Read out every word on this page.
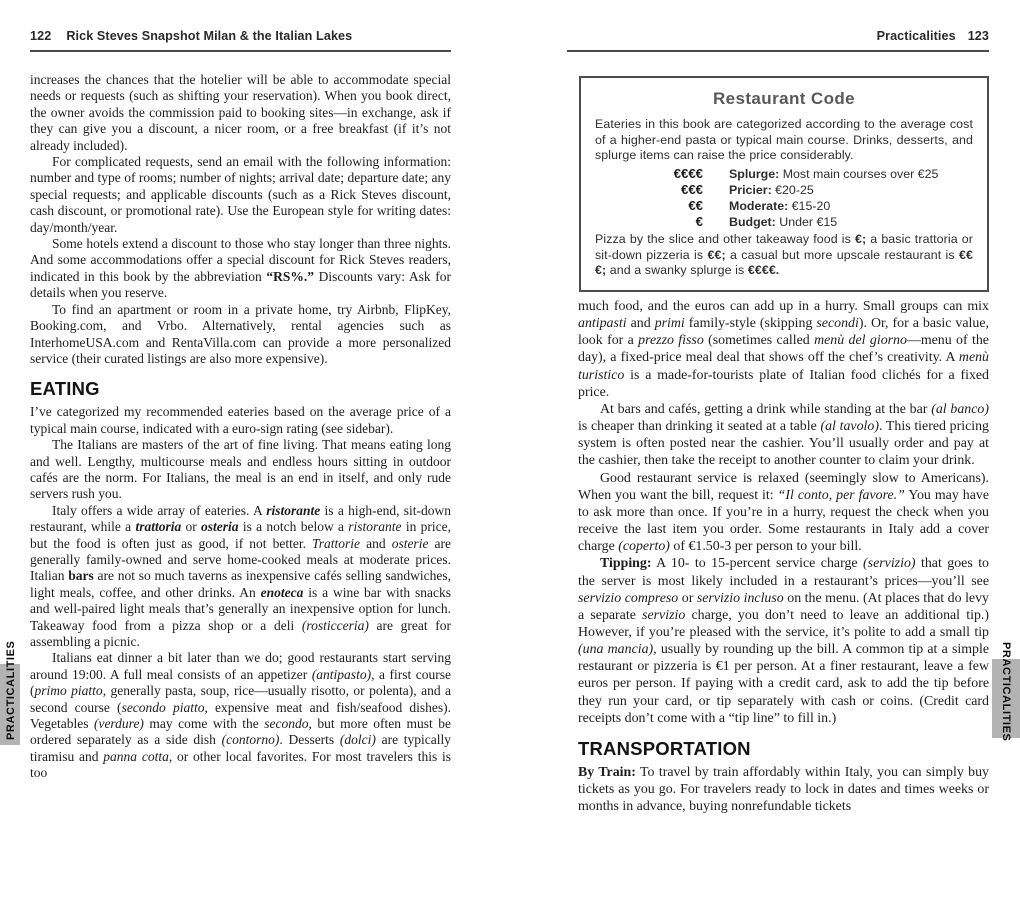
122 Rick Steves Snapshot Milan & the Italian Lakes	Practicalities 123

increases the chances that the hotelier will be able to accommodate special needs or requests (such as shifting your reservation). When you book direct, the owner avoids the commission paid to booking sites—in exchange, ask if they can give you a discount, a nicer room, or a free breakfast (if it’s not already included).

For complicated requests, send an email with the following information: number and type of rooms; number of nights; arrival date; departure date; any special requests; and applicable discounts (such as a Rick Steves discount, cash discount, or promotional rate). Use the European style for writing dates: day/month/year.

Some hotels extend a discount to those who stay longer than three nights. And some accommodations offer a special discount for Rick Steves readers, indicated in this book by the abbreviation “RS%.” Discounts vary: Ask for details when you reserve.

To find an apartment or room in a private home, try Airbnb, FlipKey, Booking.com, and Vrbo. Alternatively, rental agencies such as InterhomeUSA.com and RentaVilla.com can provide a more personalized service (their curated listings are also more expensive).

EATING

I’ve categorized my recommended eateries based on the average price of a typical main course, indicated with a euro-sign rating (see sidebar).

The Italians are masters of the art of fine living. That means eating long and well. Lengthy, multicourse meals and endless hours sitting in outdoor cafés are the norm. For Italians, the meal is an end in itself, and only rude servers rush you.

Italy offers a wide array of eateries. A ristorante is a high-end, sit-down restaurant, while a trattoria or osteria is a notch below a ristorante in price, but the food is often just as good, if not better. Trattorie and osterie are generally family-owned and serve home-cooked meals at moderate prices. Italian bars are not so much taverns as inexpensive cafés selling sandwiches, light meals, coffee, and other drinks. An enoteca is a wine bar with snacks and well-paired light meals that’s generally an inexpensive option for lunch. Takeaway food from a pizza shop or a deli (rosticceria) are great for assembling a picnic.

Italians eat dinner a bit later than we do; good restaurants start serving around 19:00. A full meal consists of an appetizer (antipasto), a first course (primo piatto, generally pasta, soup, rice—usually risotto, or polenta), and a second course (secondo piatto, expensive meat and fish/seafood dishes). Vegetables (verdure) may come with the secondo, but more often must be ordered separately as a side dish (contorno). Desserts (dolci) are typically tiramisu and panna cotta, or other local favorites. For most travelers this is too

Restaurant Code
Eateries in this book are categorized according to the average cost of a higher-end pasta or typical main course. Drinks, desserts, and splurge items can raise the price considerably.
€€€€ Splurge: Most main courses over €25
€€€ Pricier: €20-25
€€ Moderate: €15-20
€ Budget: Under €15
Pizza by the slice and other takeaway food is €; a basic trattoria or sit-down pizzeria is €€; a casual but more upscale restaurant is €€€; and a swanky splurge is €€€€.

much food, and the euros can add up in a hurry. Small groups can mix antipasti and primi family-style (skipping secondi). Or, for a basic value, look for a prezzo fisso (sometimes called menù del giorno—menu of the day), a fixed-price meal deal that shows off the chef’s creativity. A menù turistico is a made-for-tourists plate of Italian food clichés for a fixed price.

At bars and cafés, getting a drink while standing at the bar (al banco) is cheaper than drinking it seated at a table (al tavolo). This tiered pricing system is often posted near the cashier. You’ll usually order and pay at the cashier, then take the receipt to another counter to claim your drink.

Good restaurant service is relaxed (seemingly slow to Americans). When you want the bill, request it: “Il conto, per favore.” You may have to ask more than once. If you’re in a hurry, request the check when you receive the last item you order. Some restaurants in Italy add a cover charge (coperto) of €1.50-3 per person to your bill.

Tipping: A 10- to 15-percent service charge (servizio) that goes to the server is most likely included in a restaurant’s prices—you’ll see servizio compreso or servizio incluso on the menu. (At places that do levy a separate servizio charge, you don’t need to leave an additional tip.) However, if you’re pleased with the service, it’s polite to add a small tip (una mancia), usually by rounding up the bill. A common tip at a simple restaurant or pizzeria is €1 per person. At a finer restaurant, leave a few euros per person. If paying with a credit card, ask to add the tip before they run your card, or tip separately with cash or coins. (Credit card receipts don’t come with a “tip line” to fill in.)

TRANSPORTATION

By Train: To travel by train affordably within Italy, you can simply buy tickets as you go. For travelers ready to lock in dates and times weeks or months in advance, buying nonrefundable tickets

PRACTICALITIES	PRACTICALITIES
